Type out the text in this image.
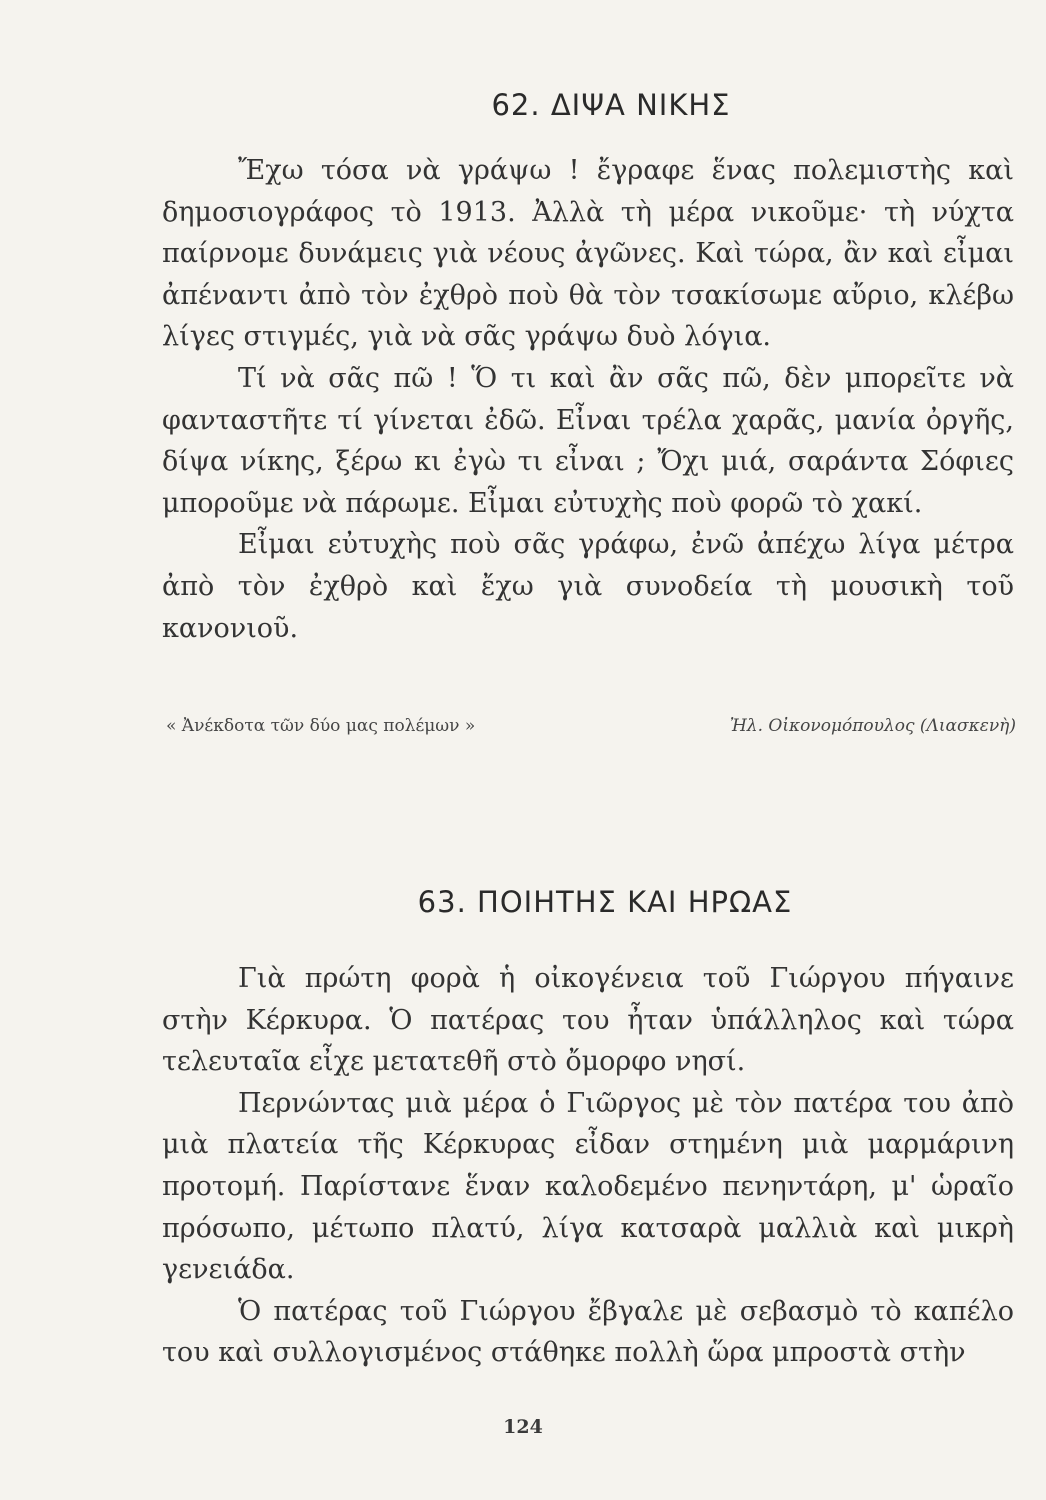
62. ΔΙΨΑ ΝΙΚΗΣ

Ἔχω τόσα νὰ γράψω ! ἔγραφε ἕνας πολεμιστὴς καὶ δημοσιογράφος τὸ 1913. Ἀλλὰ τὴ μέρα νικοῦμε· τὴ νύχτα παίρνομε δυνάμεις γιὰ νέους ἀγῶνες. Καὶ τώρα, ἂν καὶ εἶμαι ἀπέναντι ἀπὸ τὸν ἐχθρὸ ποὺ θὰ τὸν τσακίσωμε αὔριο, κλέβω λίγες στιγμές, γιὰ νὰ σᾶς γράψω δυὸ λόγια.

Τί νὰ σᾶς πῶ ! Ὅ τι καὶ ἂν σᾶς πῶ, δὲν μπορεῖτε νὰ φανταστῆτε τί γίνεται ἐδῶ. Εἶναι τρέλα χαρᾶς, μανία ὀργῆς, δίψα νίκης, ξέρω κι ἐγὼ τι εἶναι ; Ὄχι μιά, σαράντα Σόφιες μποροῦμε νὰ πάρωμε. Εἶμαι εὐτυχὴς ποὺ φορῶ τὸ χακί.

Εἶμαι εὐτυχὴς ποὺ σᾶς γράφω, ἐνῶ ἀπέχω λίγα μέτρα ἀπὸ τὸν ἐχθρὸ καὶ ἔχω γιὰ συνοδεία τὴ μουσικὴ τοῦ κανονιοῦ.

« Ἀνέκδοτα τῶν δύο μας πολέμων »	Ἠλ. Οἰκονομόπουλος (Λιασκενὴ)
63. ΠΟΙΗΤΗΣ ΚΑΙ ΗΡΩΑΣ

Γιὰ πρώτη φορὰ ἡ οἰκογένεια τοῦ Γιώργου πήγαινε στὴν Κέρκυρα. Ὁ πατέρας του ἦταν ὑπάλληλος καὶ τώρα τελευταῖα εἶχε μετατεθῆ στὸ ὄμορφο νησί.

Περνώντας μιὰ μέρα ὁ Γιῶργος μὲ τὸν πατέρα του ἀπὸ μιὰ πλατεία τῆς Κέρκυρας εἶδαν στημένη μιὰ μαρμάρινη προτομή. Παρίστανε ἕναν καλοδεμένο πενηντάρη, μ' ὡραῖο πρόσωπο, μέτωπο πλατύ, λίγα κατσαρὰ μαλλιὰ καὶ μικρὴ γενειάδα.

Ὁ πατέρας τοῦ Γιώργου ἔβγαλε μὲ σεβασμὸ τὸ καπέλο του καὶ συλλογισμένος στάθηκε πολλὴ ὥρα μπροστὰ στὴν

124
